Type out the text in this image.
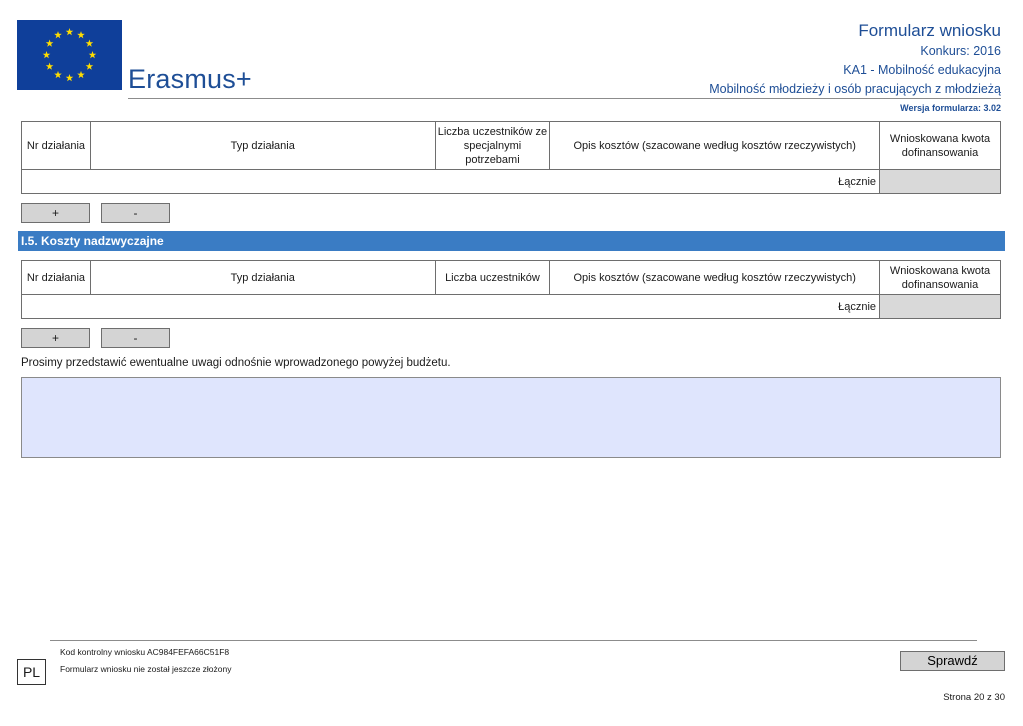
Erasmus+
Formularz wniosku
Konkurs: 2016
KA1 - Mobilność edukacyjna
Mobilność młodzieży i osób pracujących z młodzieżą
Wersja formularza: 3.02
Nr działania	Typ działania	Liczba uczestników ze specjalnymi potrzebami	Opis kosztów (szacowane według kosztów rzeczywistych)	Wnioskowana kwota dofinansowania
Łącznie				
+	-
I.5. Koszty nadzwyczajne
Nr działania	Typ działania	Liczba uczestników	Opis kosztów (szacowane według kosztów rzeczywistych)	Wnioskowana kwota dofinansowania
Łącznie				
+	-
Prosimy przedstawić ewentualne uwagi odnośnie wprowadzonego powyżej budżetu.
Kod kontrolny wniosku AC984FEFA66C51F8
Formularz wniosku nie został jeszcze złożony
PL
Sprawdź
Strona 20 z 30
